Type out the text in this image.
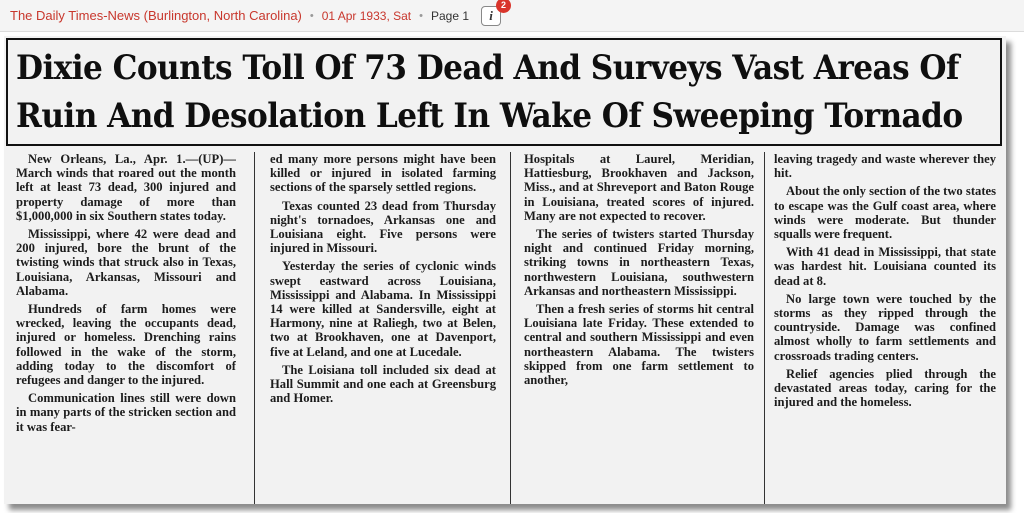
The Daily Times-News (Burlington, North Carolina) • 01 Apr 1933, Sat • Page 1 i
2
Dixie Counts Toll Of 73 Dead And Surveys Vast Areas Of
Ruin And Desolation Left In Wake Of Sweeping Tornado

New Orleans, La., Apr. 1.—(UP)—March winds that roared out the month left at least 73 dead, 300 injured and property damage of more than $1,000,000 in six Southern states today.

Mississippi, where 42 were dead and 200 injured, bore the brunt of the twisting winds that struck also in Texas, Louisiana, Arkansas, Missouri and Alabama.

Hundreds of farm homes were wrecked, leaving the occupants dead, injured or homeless. Drenching rains followed in the wake of the storm, adding today to the discomfort of refugees and danger to the injured.

Communication lines still were down in many parts of the stricken section and it was fear-

ed many more persons might have been killed or injured in isolated farming sections of the sparsely settled regions.

Texas counted 23 dead from Thursday night's tornadoes, Arkansas one and Louisiana eight. Five persons were injured in Missouri.

Yesterday the series of cyclonic winds swept eastward across Louisiana, Mississippi and Alabama. In Mississippi 14 were killed at Sandersville, eight at Harmony, nine at Raliegh, two at Belen, two at Brookhaven, one at Davenport, five at Leland, and one at Lucedale.

The Loisiana toll included six dead at Hall Summit and one each at Greensburg and Homer.

Hospitals at Laurel, Meridian, Hattiesburg, Brookhaven and Jackson, Miss., and at Shreveport and Baton Rouge in Louisiana, treated scores of injured. Many are not expected to recover.

The series of twisters started Thursday night and continued Friday morning, striking towns in northeastern Texas, northwestern Louisiana, southwestern Arkansas and northeastern Mississippi.

Then a fresh series of storms hit central Louisiana late Friday. These extended to central and southern Mississippi and even northeastern Alabama. The twisters skipped from one farm settlement to another,

leaving tragedy and waste wherever they hit.

About the only section of the two states to escape was the Gulf coast area, where winds were moderate. But thunder squalls were frequent.

With 41 dead in Mississippi, that state was hardest hit. Louisiana counted its dead at 8.

No large town were touched by the storms as they ripped through the countryside. Damage was confined almost wholly to farm settlements and crossroads trading centers.

Relief agencies plied through the devastated areas today, caring for the injured and the homeless.
